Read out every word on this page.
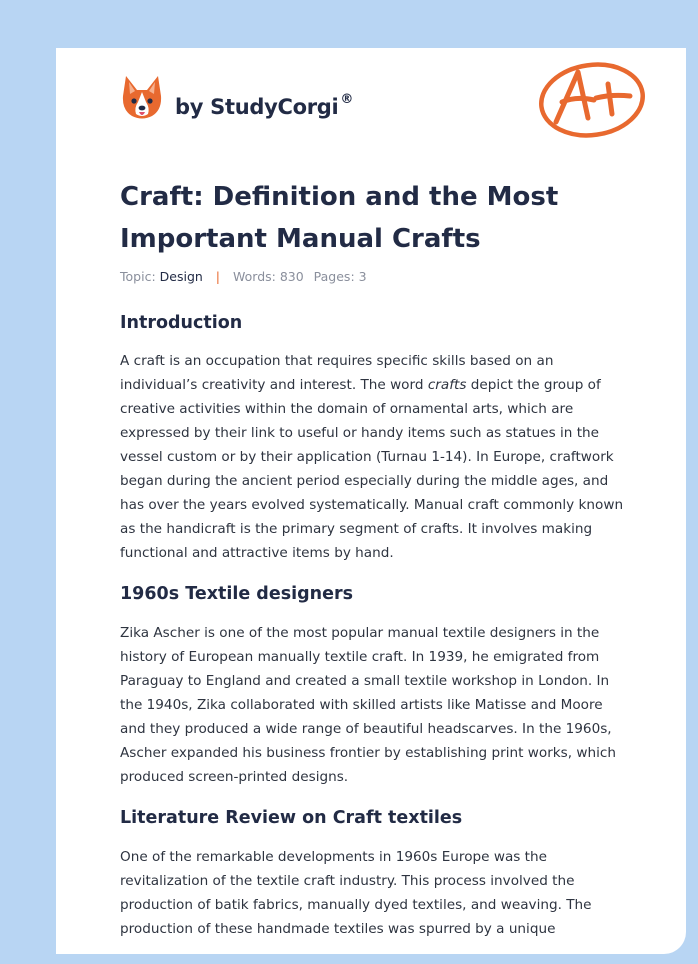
by StudyCorgi ®
Craft: Definition and the Most Important Manual Crafts
Topic: Design | Words: 830 Pages: 3
Introduction

A craft is an occupation that requires specific skills based on an individual’s creativity and interest. The word crafts depict the group of creative activities within the domain of ornamental arts, which are expressed by their link to useful or handy items such as statues in the vessel custom or by their application (Turnau 1-14). In Europe, craftwork began during the ancient period especially during the middle ages, and has over the years evolved systematically. Manual craft commonly known as the handicraft is the primary segment of crafts. It involves making functional and attractive items by hand.

1960s Textile designers

Zika Ascher is one of the most popular manual textile designers in the history of European manually textile craft. In 1939, he emigrated from Paraguay to England and created a small textile workshop in London. In the 1940s, Zika collaborated with skilled artists like Matisse and Moore and they produced a wide range of beautiful headscarves. In the 1960s, Ascher expanded his business frontier by establishing print works, which produced screen-printed designs.

Literature Review on Craft textiles

One of the remarkable developments in 1960s Europe was the revitalization of the textile craft industry. This process involved the production of batik fabrics, manually dyed textiles, and weaving. The production of these handmade textiles was spurred by a unique
